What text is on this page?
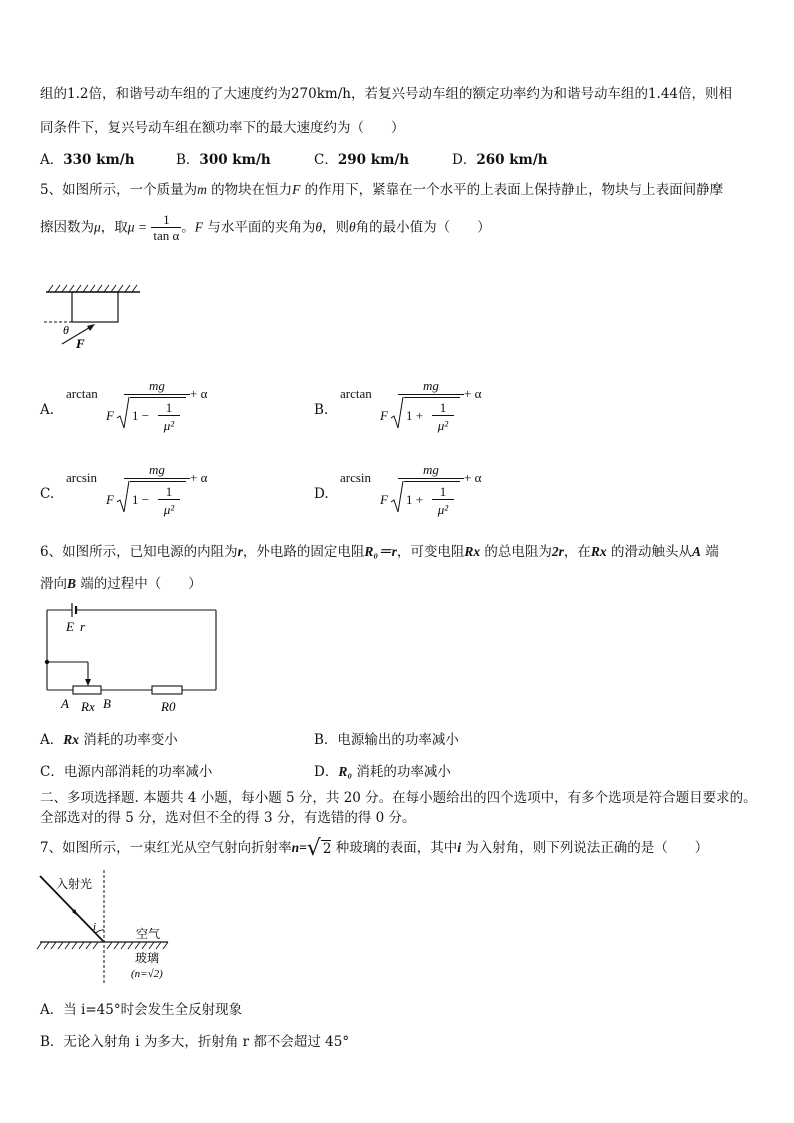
组的1.2倍，和谐号动车组的了大速度约为270km/h，若复兴号动车组的额定功率约为和谐号动车组的1.44倍，则相
同条件下，复兴号动车组在额功率下的最大速度约为（　　）
A．330 km/h	B．300 km/h	C．290 km/h	D．260 km/h
5、如图所示，一个质量为m 的物块在恒力F 的作用下，紧靠在一个水平的上表面上保持静止，物块与上表面间静摩
擦因数为μ，取$\mu = \frac{1}{\text{tan α}}$ 。F 与水平面的夹角为θ，则θ角的最小值为（　　）
θ
F
A.
arctan
mg
F 1 −
1
μ²
+ α
B.
arctan
mg
F 1 +
1
μ²
+ α
C.
arcsin
mg
F 1 −
1
μ²
+ α
D.
arcsin
mg
F 1 +
1
μ²
+ α
6、如图所示，已知电源的内阻为r，外电路的固定电阻R₀＝r，可变电阻Rx 的总电阻为2r，在Rx 的滑动触头从A 端
滑向B 端的过程中（　　）
E r
A	B
Rx	R0
A．Rx 消耗的功率变小	B．电源输出的功率减小
C．电源内部消耗的功率减小	D．R₀ 消耗的功率减小
二、多项选择题. 本题共 4 小题，每小题 5 分，共 20 分。在每小题给出的四个选项中，有多个选项是符合题目要求的。
全部选对的得 5 分，选对但不全的得 3 分，有选错的得 0 分。
7、如图所示，一束红光从空气射向折射率n=√ 2 种玻璃的表面，其中i 为入射角，则下列说法正确的是（　　）
入射光
i	空气
玻璃
(n=√2)
A．当 i=45°时会发生全反射现象
B．无论入射角 i 为多大，折射角 r 都不会超过 45°
